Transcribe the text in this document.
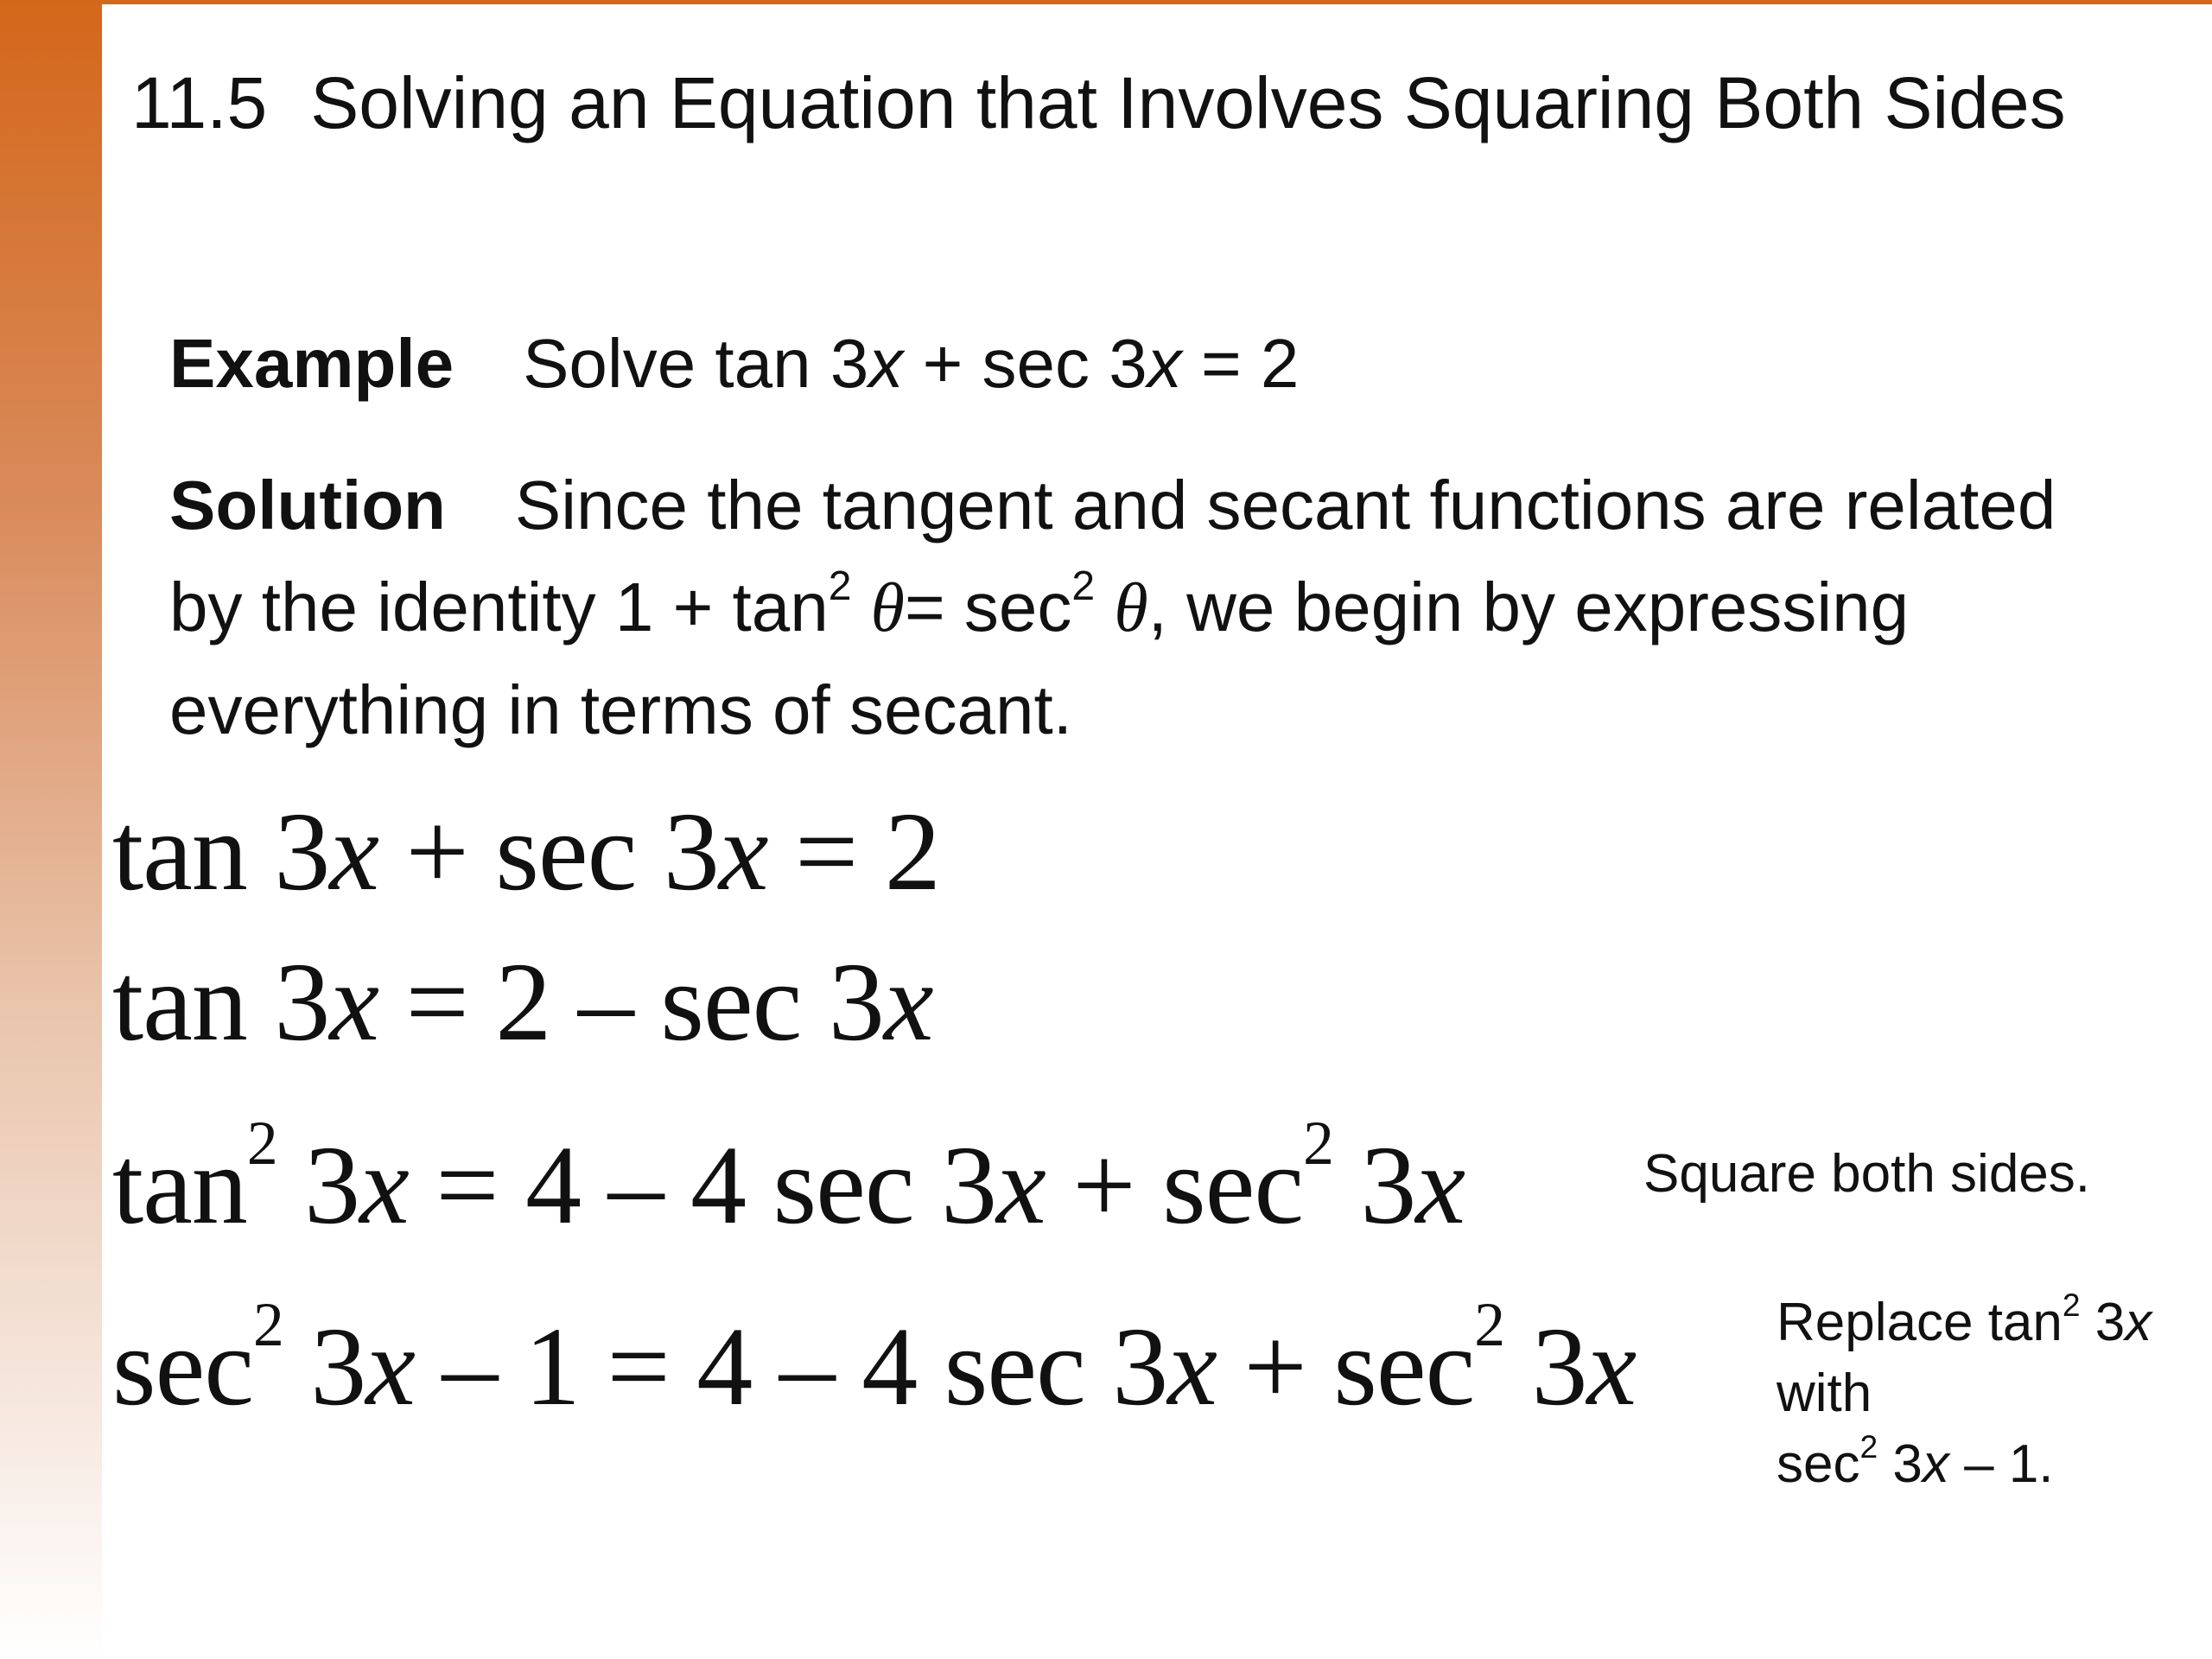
11.5 Solving an Equation that Involves Squaring Both Sides
Example Solve tan 3x + sec 3x = 2
Solution Since the tangent and secant functions are related by the identity $1 + \tan^2 \theta= \sec^2 \theta$, we begin by expressing everything in terms of secant.
tan 3x + sec 3x = 2
tan 3x = 2 – sec 3x
$\tan^2 3x = 4 - 4$ $\sec 3x + \sec^2 3x$
$\sec^2 3x - 1 = 4 - 4$ $\sec 3x + \sec^2 3x$
Square both sides.
Replace $\tan^2 3x$
with
$\sec^2 3x - 1$.
